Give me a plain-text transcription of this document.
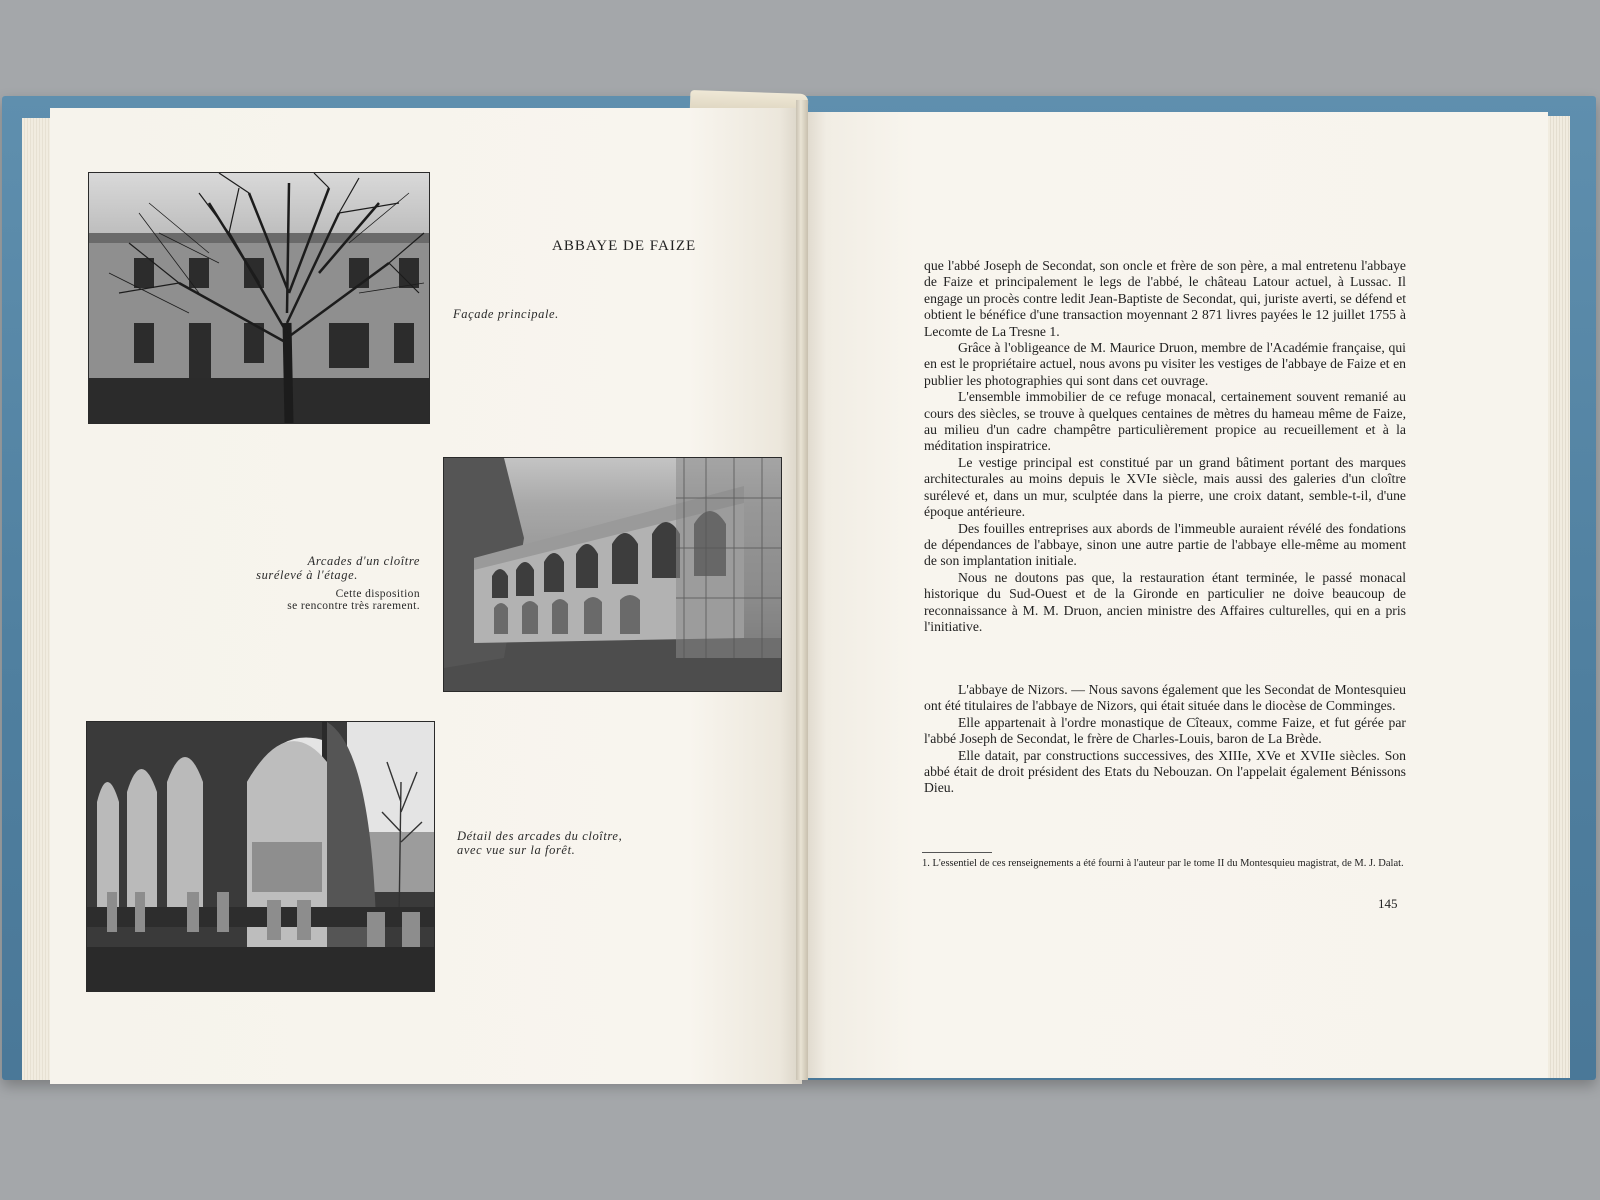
ABBAYE DE FAIZE
Façade principale.
Arcades d'un cloître
surélevé à l'étage.
Cette disposition
se rencontre très rarement.
Détail des arcades du cloître,
avec vue sur la forêt.

que l'abbé Joseph de Secondat, son oncle et frère de son père, a mal entretenu l'abbaye de Faize et principalement le legs de l'abbé, le château Latour actuel, à Lussac. Il engage un procès contre ledit Jean-Baptiste de Secondat, qui, juriste averti, se défend et obtient le bénéfice d'une transaction moyennant 2 871 livres payées le 12 juillet 1755 à Lecomte de La Tresne 1.

Grâce à l'obligeance de M. Maurice Druon, membre de l'Académie française, qui en est le propriétaire actuel, nous avons pu visiter les vestiges de l'abbaye de Faize et en publier les photographies qui sont dans cet ouvrage.

L'ensemble immobilier de ce refuge monacal, certainement souvent remanié au cours des siècles, se trouve à quelques centaines de mètres du hameau même de Faize, au milieu d'un cadre champêtre particulièrement propice au recueillement et à la méditation inspiratrice.

Le vestige principal est constitué par un grand bâtiment portant des marques architecturales au moins depuis le XVIe siècle, mais aussi des galeries d'un cloître surélevé et, dans un mur, sculptée dans la pierre, une croix datant, semble-t-il, d'une époque antérieure.

Des fouilles entreprises aux abords de l'immeuble auraient révélé des fondations de dépendances de l'abbaye, sinon une autre partie de l'abbaye elle-même au moment de son implantation initiale.

Nous ne doutons pas que, la restauration étant terminée, le passé monacal historique du Sud-Ouest et de la Gironde en particulier ne doive beaucoup de reconnaissance à M. M. Druon, ancien ministre des Affaires culturelles, qui en a pris l'initiative.

L'abbaye de Nizors. — Nous savons également que les Secondat de Montesquieu ont été titulaires de l'abbaye de Nizors, qui était située dans le diocèse de Comminges.

Elle appartenait à l'ordre monastique de Cîteaux, comme Faize, et fut gérée par l'abbé Joseph de Secondat, le frère de Charles-Louis, baron de La Brède.

Elle datait, par constructions successives, des XIIIe, XVe et XVIIe siècles. Son abbé était de droit président des Etats du Nebouzan. On l'appelait également Bénissons Dieu.

1. L'essentiel de ces renseignements a été fourni à l'auteur par le tome II du Montesquieu magistrat, de M. J. Dalat.
145
